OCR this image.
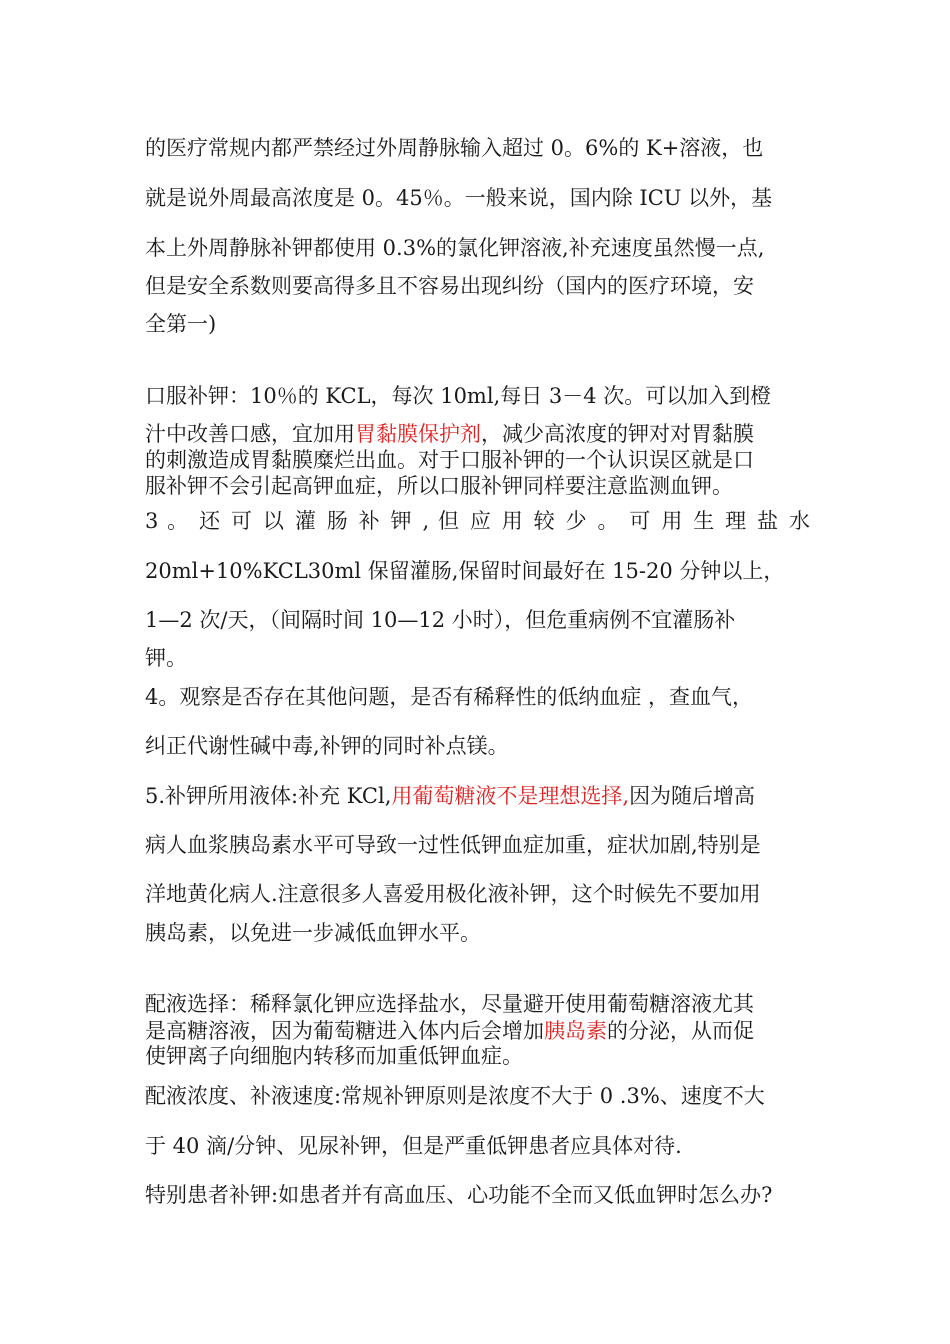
的医疗常规内都严禁经过外周静脉输入超过 0。6%的 K+溶液，也
就是说外周最高浓度是 0。45％。一般来说，国内除 ICU 以外，基
本上外周静脉补钾都使用 0.3%的氯化钾溶液,补充速度虽然慢一点,
但是安全系数则要高得多且不容易出现纠纷（国内的医疗环境，安
全第一)
口服补钾：10％的 KCL，每次 10ml,每日 3－4 次。可以加入到橙
汁中改善口感，宜加用胃黏膜保护剂，减少高浓度的钾对对胃黏膜
的刺激造成胃黏膜糜烂出血。对于口服补钾的一个认识误区就是口
服补钾不会引起高钾血症，所以口服补钾同样要注意监测血钾。
3 。 还 可 以 灌 肠 补 钾 , 但 应 用 较 少 。 可 用 生 理 盐 水
20ml+10%KCL30ml 保留灌肠,保留时间最好在 15-20 分钟以上，
1—2 次/天，（间隔时间 10—12 小时），但危重病例不宜灌肠补
钾。
4。观察是否存在其他问题，是否有稀释性的低纳血症 ，查血气，
纠正代谢性碱中毒,补钾的同时补点镁。
5.补钾所用液体:补充 KCl,用葡萄糖液不是理想选择,因为随后增高
病人血浆胰岛素水平可导致一过性低钾血症加重，症状加剧,特别是
洋地黄化病人.注意很多人喜爱用极化液补钾，这个时候先不要加用
胰岛素，以免进一步减低血钾水平。
配液选择：稀释氯化钾应选择盐水，尽量避开使用葡萄糖溶液尤其
是高糖溶液，因为葡萄糖进入体内后会增加胰岛素的分泌，从而促
使钾离子向细胞内转移而加重低钾血症。
配液浓度、补液速度:常规补钾原则是浓度不大于 0 .3%、速度不大
于 40 滴/分钟、见尿补钾，但是严重低钾患者应具体对待.
特别患者补钾:如患者并有高血压、心功能不全而又低血钾时怎么办?
